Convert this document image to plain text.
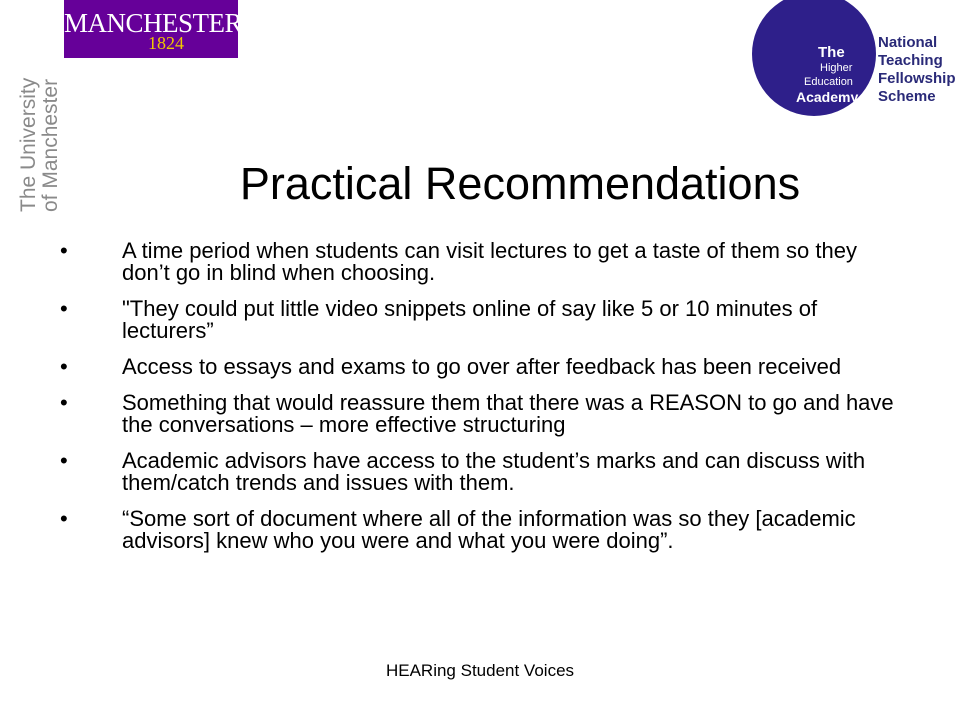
MANCHESTER
1824
The University of Manchester
The
Higher
Education
Academy
National
Teaching
Fellowship
Scheme
Practical Recommendations
• A time period when students can visit lectures to get a taste of them so they don’t go in blind when choosing.
• "They could put little video snippets online of say like 5 or 10 minutes of lecturers”
• Access to essays and exams to go over after feedback has been received
• Something that would reassure them that there was a REASON to go and have the conversations – more effective structuring
• Academic advisors have access to the student’s marks and can discuss with them/catch trends and issues with them.
• “Some sort of document where all of the information was so they [academic advisors] knew who you were and what you were doing”.
HEARing Student Voices
